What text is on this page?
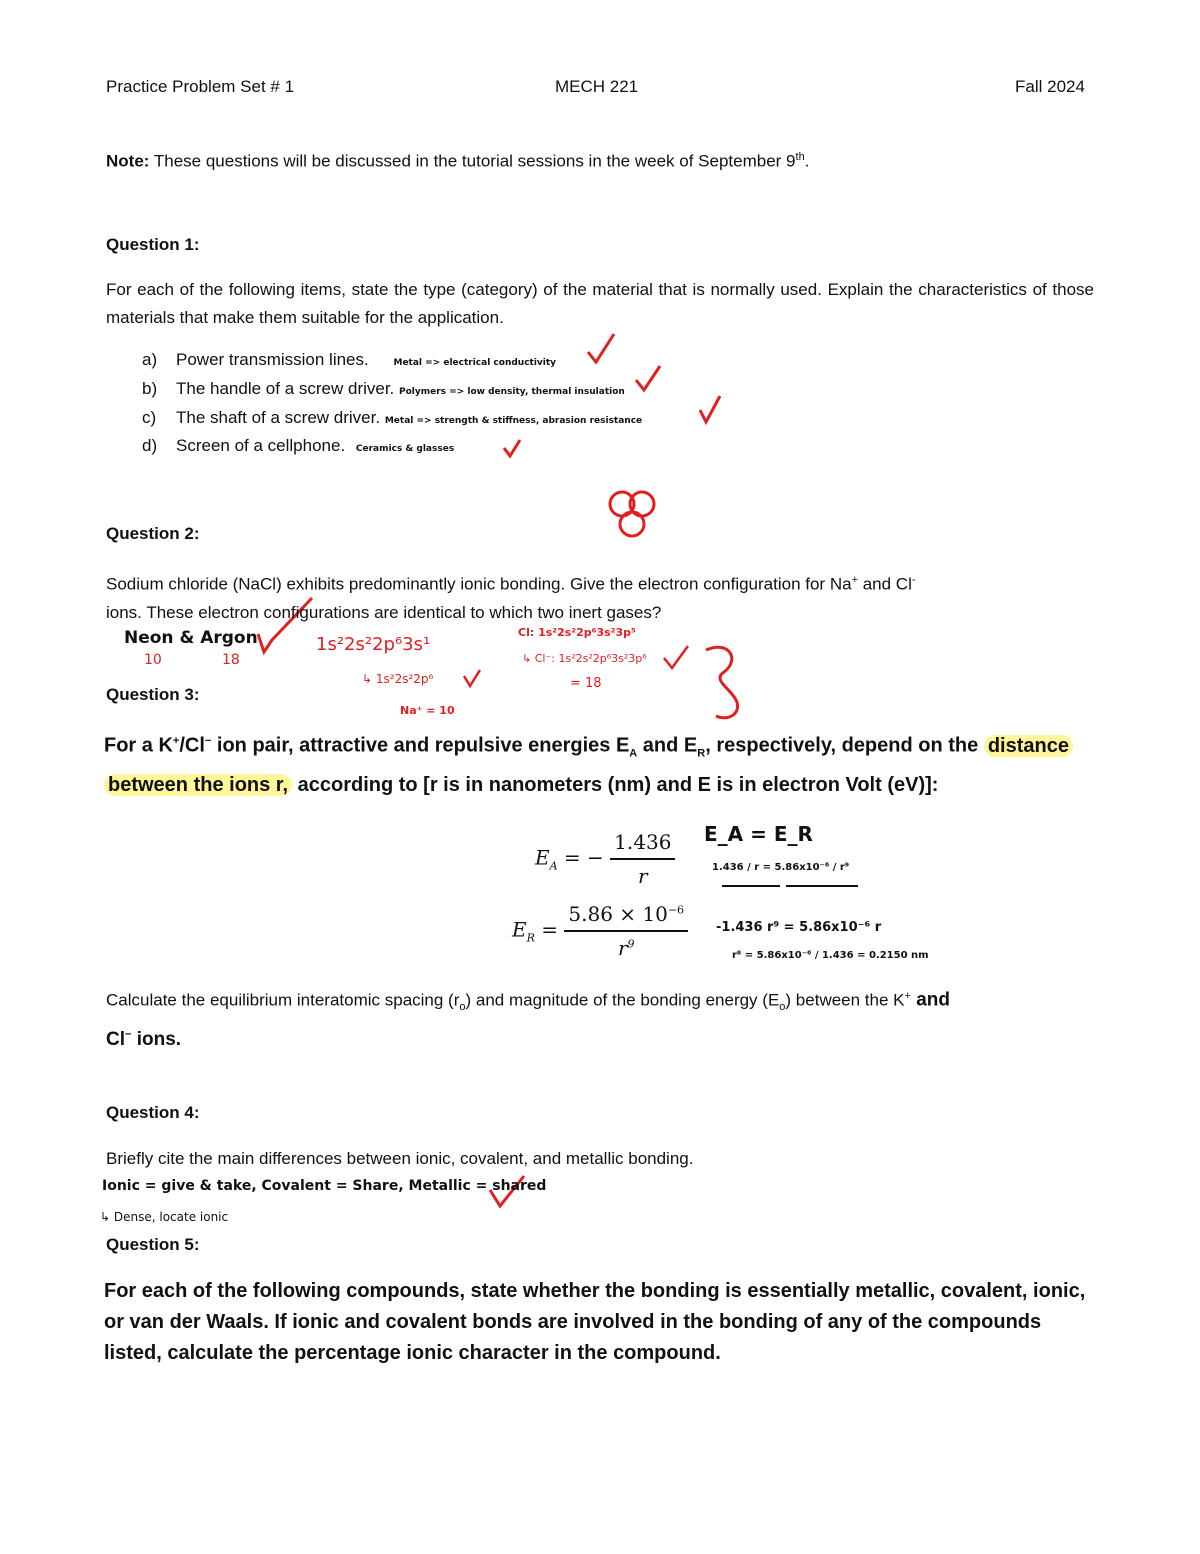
Practice Problem Set # 1	MECH 221	Fall 2024
Note: These questions will be discussed in the tutorial sessions in the week of September 9th.
Question 1:
For each of the following items, state the type (category) of the material that is normally used. Explain the characteristics of those materials that make them suitable for the application.
a) Power transmission lines.	Metal => electrical conductivity
b) The handle of a screw driver. Polymers => low density, thermal insulation
c) The shaft of a screw driver. Metal => strength & stiffness, abrasion resistance
d) Screen of a cellphone. Ceramics & glasses
Question 2:
Sodium chloride (NaCl) exhibits predominantly ionic bonding. Give the electron configuration for Na+ and Cl-
ions. These electron configurations are identical to which two inert gases?
Neon & Argon
10	18
1s²2s²2p⁶3s¹
↳ 1s²2s²2p⁶
Na⁺ = 10
Cl: 1s²2s²2p⁶3s²3p⁵
↳ Cl⁻: 1s²2s²2p⁶3s²3p⁶
= 18
Question 3:
For a K+/Cl− ion pair, attractive and repulsive energies $E_A$ and $E_R$, respectively, depend on the distance
between the ions r, according to [r is in nanometers (nm) and E is in electron Volt (eV)]:
$E_A$ = − $\frac{1.436}{r}$
$E_R = \frac{5.86 \times 10^{-6}}{r^9}$
E_A = E_R
1.436 / r = 5.86x10⁻⁶ / r⁹
-1.436 r⁹ = 5.86x10⁻⁶ r
r⁸ = 5.86x10⁻⁶ / 1.436 = 0.2150 nm
Calculate the equilibrium interatomic spacing $(r_o)$ and magnitude of the bonding energy $(E_o)$ between the K+ and
Cl− ions.
Question 4:
Briefly cite the main differences between ionic, covalent, and metallic bonding.
Ionic = give & take, Covalent = Share, Metallic = shared
↳ Dense, locate ionic
Question 5:
For each of the following compounds, state whether the bonding is essentially metallic, covalent, ionic, or van der Waals. If ionic and covalent bonds are involved in the bonding of any of the compounds listed, calculate the percentage ionic character in the compound.
